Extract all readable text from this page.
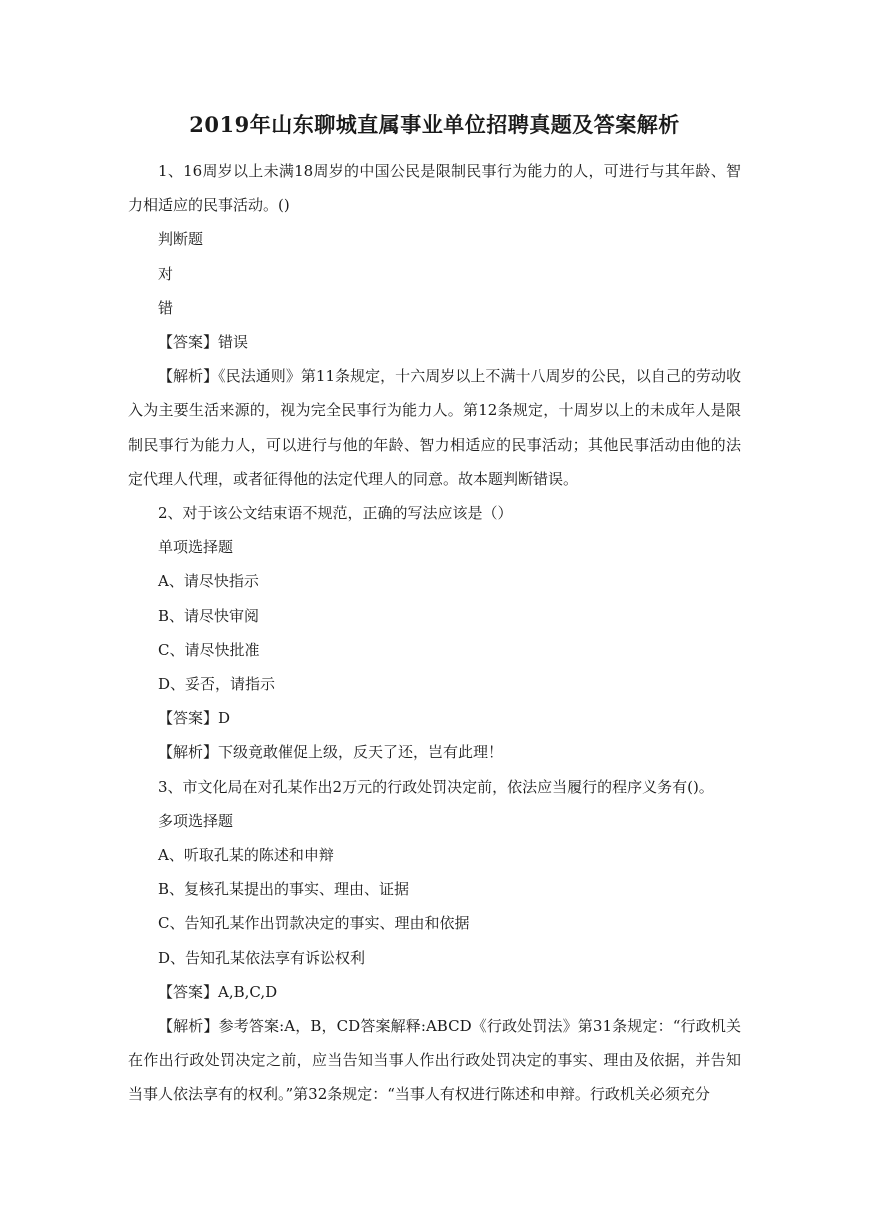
2019年山东聊城直属事业单位招聘真题及答案解析

1、16周岁以上未满18周岁的中国公民是限制民事行为能力的人，可进行与其年龄、智力相适应的民事活动。()

判断题

对

错

【答案】错误

【解析】《民法通则》第11条规定，十六周岁以上不满十八周岁的公民，以自己的劳动收入为主要生活来源的，视为完全民事行为能力人。第12条规定，十周岁以上的未成年人是限制民事行为能力人，可以进行与他的年龄、智力相适应的民事活动；其他民事活动由他的法定代理人代理，或者征得他的法定代理人的同意。故本题判断错误。

2、对于该公文结束语不规范，正确的写法应该是（）

单项选择题

A、请尽快指示

B、请尽快审阅

C、请尽快批准

D、妥否，请指示

【答案】D

【解析】下级竟敢催促上级，反天了还，岂有此理！

3、市文化局在对孔某作出2万元的行政处罚决定前，依法应当履行的程序义务有()。

多项选择题

A、听取孔某的陈述和申辩

B、复核孔某提出的事实、理由、证据

C、告知孔某作出罚款决定的事实、理由和依据

D、告知孔某依法享有诉讼权利

【答案】A,B,C,D

【解析】参考答案:A，B，CD答案解释:ABCD《行政处罚法》第31条规定：“行政机关在作出行政处罚决定之前，应当告知当事人作出行政处罚决定的事实、理由及依据，并告知当事人依法享有的权利。”第32条规定：“当事人有权进行陈述和申辩。行政机关必须充分
